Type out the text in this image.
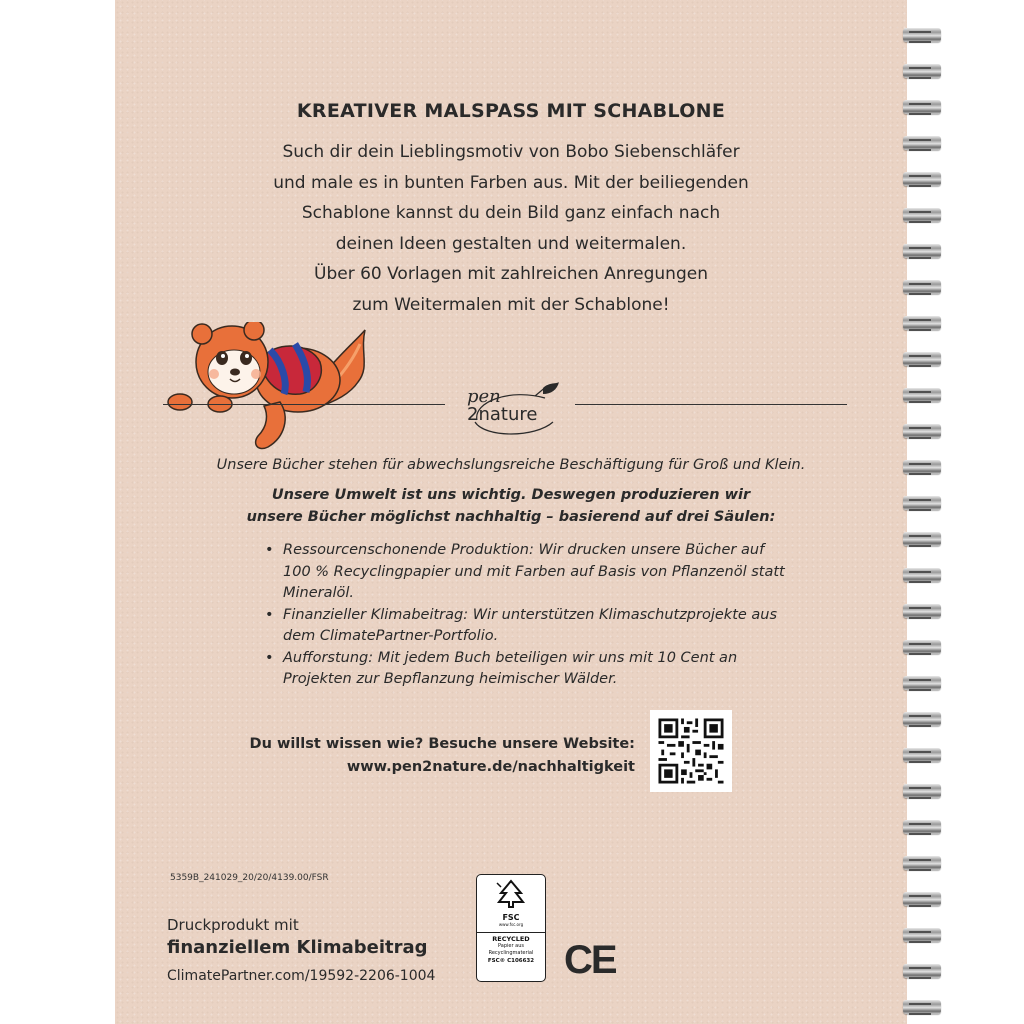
KREATIVER MALSPASS MIT SCHABLONE

Such dir dein Lieblingsmotiv von Bobo Siebenschläfer

und male es in bunten Farben aus. Mit der beiliegenden

Schablone kannst du dein Bild ganz einfach nach

deinen Ideen gestalten und weitermalen.

Über 60 Vorlagen mit zahlreichen Anregungen

zum Weitermalen mit der Schablone!

pen
2nature
Unsere Bücher stehen für abwechslungsreiche Beschäftigung für Groß und Klein.

Unsere Umwelt ist uns wichtig. Deswegen produzieren wir

unsere Bücher möglichst nachhaltig – basierend auf drei Säulen:

• Ressourcenschonende Produktion: Wir drucken unsere Bücher auf 100 % Recyclingpapier und mit Farben auf Basis von Pflanzenöl statt Mineralöl.
• Finanzieller Klimabeitrag: Wir unterstützen Klimaschutzprojekte aus dem ClimatePartner-Portfolio.
• Aufforstung: Mit jedem Buch beteiligen wir uns mit 10 Cent an Projekten zur Bepflanzung heimischer Wälder.

Du willst wissen wie? Besuche unsere Website:

www.pen2nature.de/nachhaltigkeit

5359B_241029_20/20/4139.00/FSR
Druckprodukt mit
finanziellem Klimabeitrag
ClimatePartner.com/19592-2206-1004
FSC
www.fsc.org
RECYCLED
Papier aus
Recyclingmaterial
FSC® C106632 CE
